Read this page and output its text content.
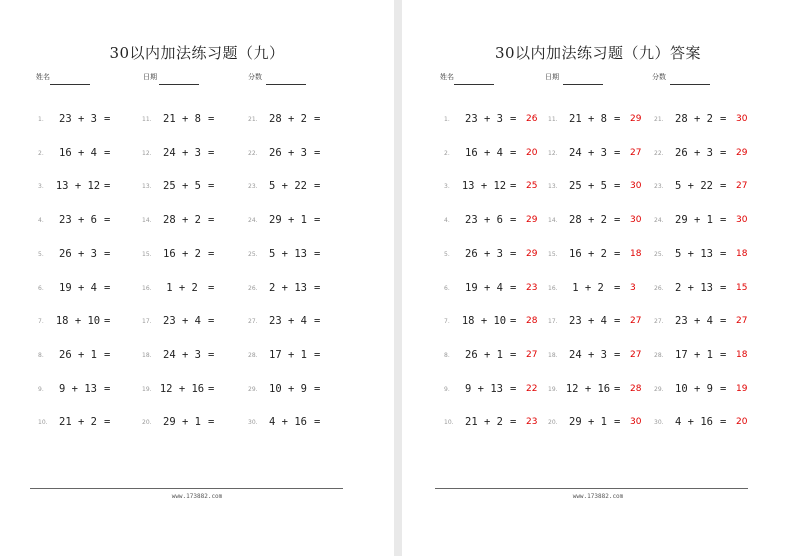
30以内加法练习题（九）
姓名	日期	分数
1.	23 + 3 =
2.	16 + 4 =
3.	13 + 12 =
4.	23 + 6 =
5.	26 + 3 =
6.	19 + 4 =
7.	18 + 10 =
8.	26 + 1 =
9.	9 + 13 =
10.	21 + 2 =
11.	21 + 8 =
12.	24 + 3 =
13.	25 + 5 =
14.	28 + 2 =
15.	16 + 2 =
16.	1 + 2 =
17.	23 + 4 =
18.	24 + 3 =
19. 12 + 16 =
20.	29 + 1 =
21.	28 + 2 =
22.	26 + 3 =
23.	5 + 22 =
24.	29 + 1 =
25.	5 + 13 =
26.	2 + 13 =
27.	23 + 4 =
28.	17 + 1 =
29.	10 + 9 =
30.	4 + 16 =
www.173882.com
30以内加法练习题（九）答案
姓名	日期	分数
1.	23 + 3 = 26
2.	16 + 4 = 20
3.	13 + 12 = 25
4.	23 + 6 = 29
5.	26 + 3 = 29
6.	19 + 4 = 23
7.	18 + 10 = 28
8.	26 + 1 = 27
9.	9 + 13 = 22
10.	21 + 2 = 23
11.	21 + 8 = 29
12.	24 + 3 = 27
13.	25 + 5 = 30
14.	28 + 2 = 30
15.	16 + 2 = 18
16.	1 + 2 = 3
17.	23 + 4 = 27
18.	24 + 3 = 27
19. 12 + 16 = 28
20.	29 + 1 = 30
21.	28 + 2 = 30
22.	26 + 3 = 29
23.	5 + 22 = 27
24.	29 + 1 = 30
25.	5 + 13 = 18
26.	2 + 13 = 15
27.	23 + 4 = 27
28.	17 + 1 = 18
29.	10 + 9 = 19
30.	4 + 16 = 20
www.173882.com
